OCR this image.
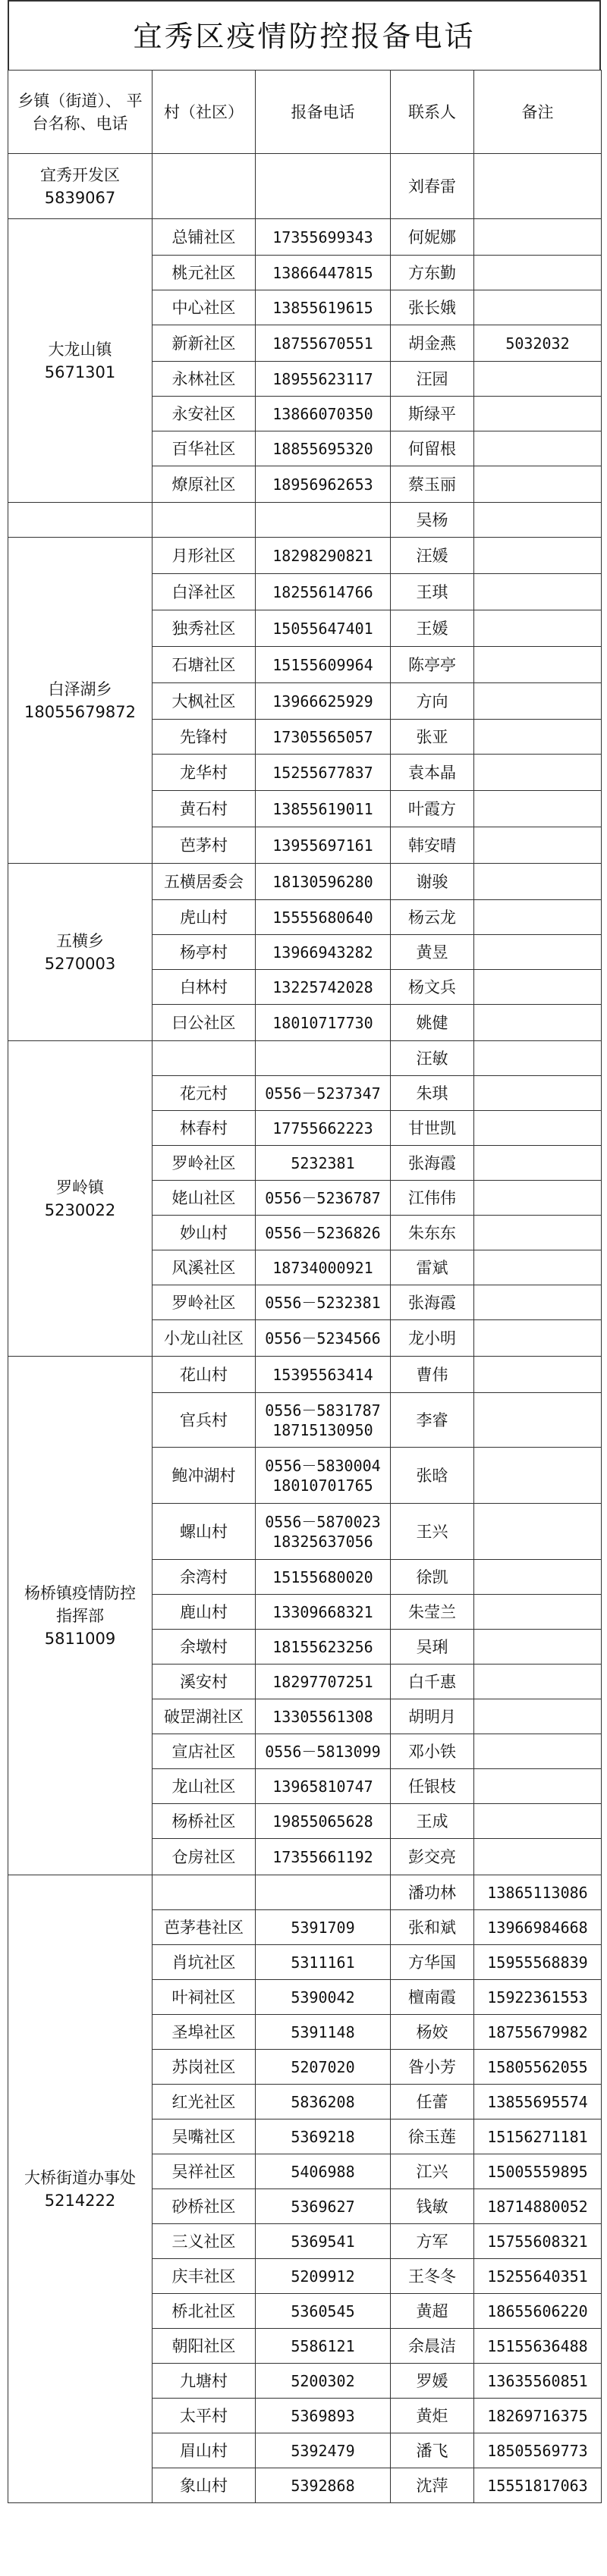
宜秀区疫情防控报备电话
乡镇（街道）、 平台名称、电话	村（社区）	报备电话	联系人	备注

宜秀开发区
5839067			刘春雷	

大龙山镇
5671301	总铺社区	17355699343	何妮娜	
	桃元社区	13866447815	方东勤	
	中心社区	13855619615	张长娥	
	新新社区	18755670551	胡金燕	5032032
	永林社区	18955623117	汪园	
	永安社区	13866070350	斯绿平	
	百华社区	18855695320	何留根	
	燎原社区	18956962653	蔡玉丽	
			吴杨	

白泽湖乡
18055679872	月形社区	18298290821	汪媛	
	白泽社区	18255614766	王琪	
	独秀社区	15055647401	王媛	
	石塘社区	15155609964	陈亭亭	
	大枫社区	13966625929	方向	
	先锋村	17305565057	张亚	
	龙华村	15255677837	袁本晶	
	黄石村	13855619011	叶霞方	
	芭茅村	13955697161	韩安晴	

五横乡
5270003	五横居委会	18130596280	谢骏	
	虎山村	15555680640	杨云龙	
	杨亭村	13966943282	黄昱	
	白林村	13225742028	杨文兵	
	曰公社区	18010717730	姚健	

罗岭镇
5230022			汪敏	
	花元村	0556－5237347	朱琪	
	林春村	17755662223	甘世凯	
	罗岭社区	5232381	张海霞	
	姥山社区	0556－5236787	江伟伟	
	妙山村	0556－5236826	朱东东	
	风溪社区	18734000921	雷斌	
	罗岭社区	0556－5232381	张海霞	
	小龙山社区	0556－5234566	龙小明	

杨桥镇疫情防控
指挥部
5811009	花山村	15395563414	曹伟	
	官兵村	0556－5831787
18715130950	李睿	
	鲍冲湖村	0556－5830004
18010701765	张晗	
	螺山村	0556－5870023
18325637056	王兴	
	余湾村	15155680020	徐凯	
	鹿山村	13309668321	朱莹兰	
	余墩村	18155623256	吴琍	
	溪安村	18297707251	白千惠	
	破罡湖社区	13305561308	胡明月	
	宣店社区	0556－5813099	邓小铁	
	龙山社区	13965810747	任银枝	
	杨桥社区	19855065628	王成	
	仓房社区	17355661192	彭交亮	

大桥街道办事处
5214222			潘功林	13865113086
	芭茅巷社区	5391709	张和斌	13966984668
	肖坑社区	5311161	方华国	15955568839
	叶祠社区	5390042	檀南霞	15922361553
	圣埠社区	5391148	杨姣	18755679982
	苏岗社区	5207020	昝小芳	15805562055
	红光社区	5836208	任蕾	13855695574
	吴嘴社区	5369218	徐玉莲	15156271181
	吴祥社区	5406988	江兴	15005559895
	砂桥社区	5369627	钱敏	18714880052
	三义社区	5369541	方军	15755608321
	庆丰社区	5209912	王冬冬	15255640351
	桥北社区	5360545	黄超	18655606220
	朝阳社区	5586121	余晨洁	15155636488
	九塘村	5200302	罗媛	13635560851
	太平村	5369893	黄炬	18269716375
	眉山村	5392479	潘飞	18505569773
	象山村	5392868	沈萍	15551817063
